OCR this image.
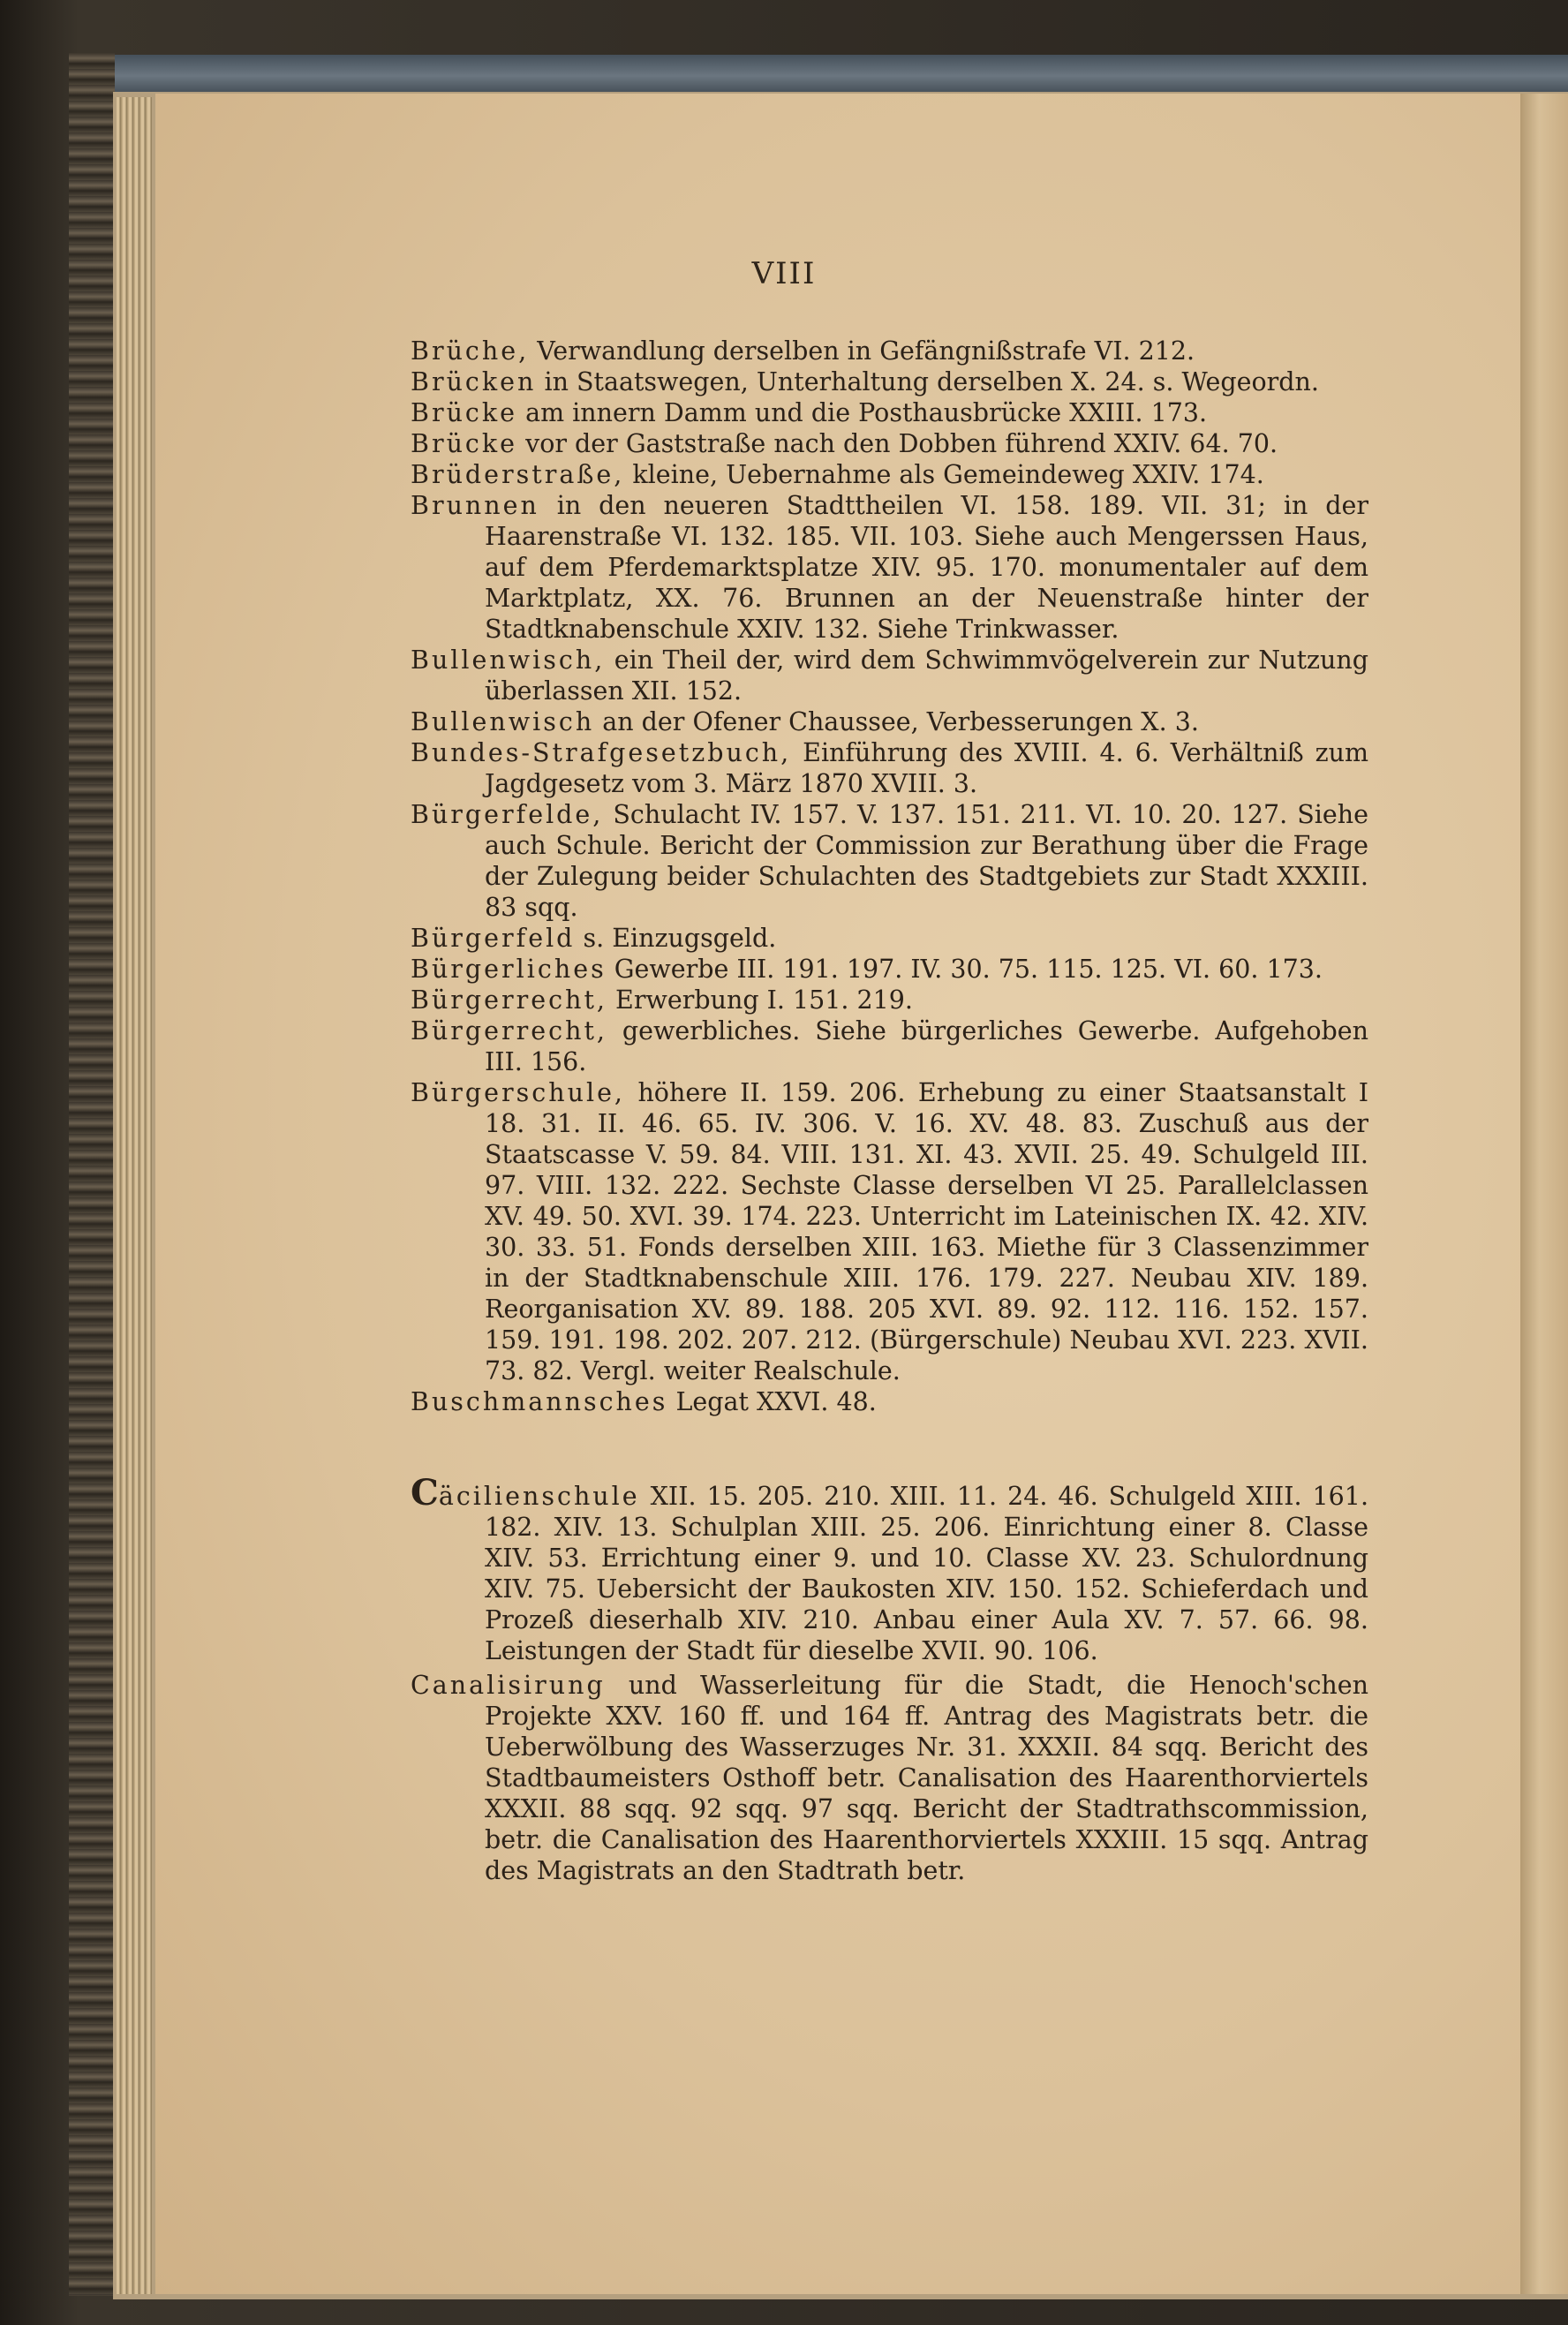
VIII

Brüche, Verwandlung derselben in Gefängnißstrafe VI. 212.

Brücken in Staatswegen, Unterhaltung derselben X. 24. s. Wegeordn.

Brücke am innern Damm und die Posthausbrücke XXIII. 173.

Brücke vor der Gaststraße nach den Dobben führend XXIV. 64. 70.

Brüderstraße, kleine, Uebernahme als Gemeindeweg XXIV. 174.

Brunnen in den neueren Stadttheilen VI. 158. 189. VII. 31; in der Haarenstraße VI. 132. 185. VII. 103. Siehe auch Mengerssen Haus, auf dem Pferdemarktsplatze XIV. 95. 170. monumentaler auf dem Marktplatz, XX. 76. Brunnen an der Neuenstraße hinter der Stadtknabenschule XXIV. 132. Siehe Trinkwasser.

Bullenwisch, ein Theil der, wird dem Schwimmvögelverein zur Nutzung überlassen XII. 152.

Bullenwisch an der Ofener Chaussee, Verbesserungen X. 3.

Bundes-Strafgesetzbuch, Einführung des XVIII. 4. 6. Verhältniß zum Jagdgesetz vom 3. März 1870 XVIII. 3.

Bürgerfelde, Schulacht IV. 157. V. 137. 151. 211. VI. 10. 20. 127. Siehe auch Schule. Bericht der Commission zur Berathung über die Frage der Zulegung beider Schulachten des Stadtgebiets zur Stadt XXXIII. 83 sqq.

Bürgerfeld s. Einzugsgeld.

Bürgerliches Gewerbe III. 191. 197. IV. 30. 75. 115. 125. VI. 60. 173.

Bürgerrecht, Erwerbung I. 151. 219.

Bürgerrecht, gewerbliches. Siehe bürgerliches Gewerbe. Aufgehoben III. 156.

Bürgerschule, höhere II. 159. 206. Erhebung zu einer Staatsanstalt I 18. 31. II. 46. 65. IV. 306. V. 16. XV. 48. 83. Zuschuß aus der Staatscasse V. 59. 84. VIII. 131. XI. 43. XVII. 25. 49. Schulgeld III. 97. VIII. 132. 222. Sechste Classe derselben VI 25. Parallelclassen XV. 49. 50. XVI. 39. 174. 223. Unterricht im Lateinischen IX. 42. XIV. 30. 33. 51. Fonds derselben XIII. 163. Miethe für 3 Classenzimmer in der Stadtknabenschule XIII. 176. 179. 227. Neubau XIV. 189. Reorganisation XV. 89. 188. 205 XVI. 89. 92. 112. 116. 152. 157. 159. 191. 198. 202. 207. 212. (Bürgerschule) Neubau XVI. 223. XVII. 73. 82. Vergl. weiter Realschule.

Buschmannsches Legat XXVI. 48.

Cäcilienschule XII. 15. 205. 210. XIII. 11. 24. 46. Schulgeld XIII. 161. 182. XIV. 13. Schulplan XIII. 25. 206. Einrichtung einer 8. Classe XIV. 53. Errichtung einer 9. und 10. Classe XV. 23. Schulordnung XIV. 75. Uebersicht der Baukosten XIV. 150. 152. Schieferdach und Prozeß dieserhalb XIV. 210. Anbau einer Aula XV. 7. 57. 66. 98. Leistungen der Stadt für dieselbe XVII. 90. 106.

Canalisirung und Wasserleitung für die Stadt, die Henoch'schen Projekte XXV. 160 ff. und 164 ff. Antrag des Magistrats betr. die Ueberwölbung des Wasserzuges Nr. 31. XXXII. 84 sqq. Bericht des Stadtbaumeisters Osthoff betr. Canalisation des Haarenthorviertels XXXII. 88 sqq. 92 sqq. 97 sqq. Bericht der Stadtrathscommission, betr. die Canalisation des Haarenthorviertels XXXIII. 15 sqq. Antrag des Magistrats an den Stadtrath betr.
